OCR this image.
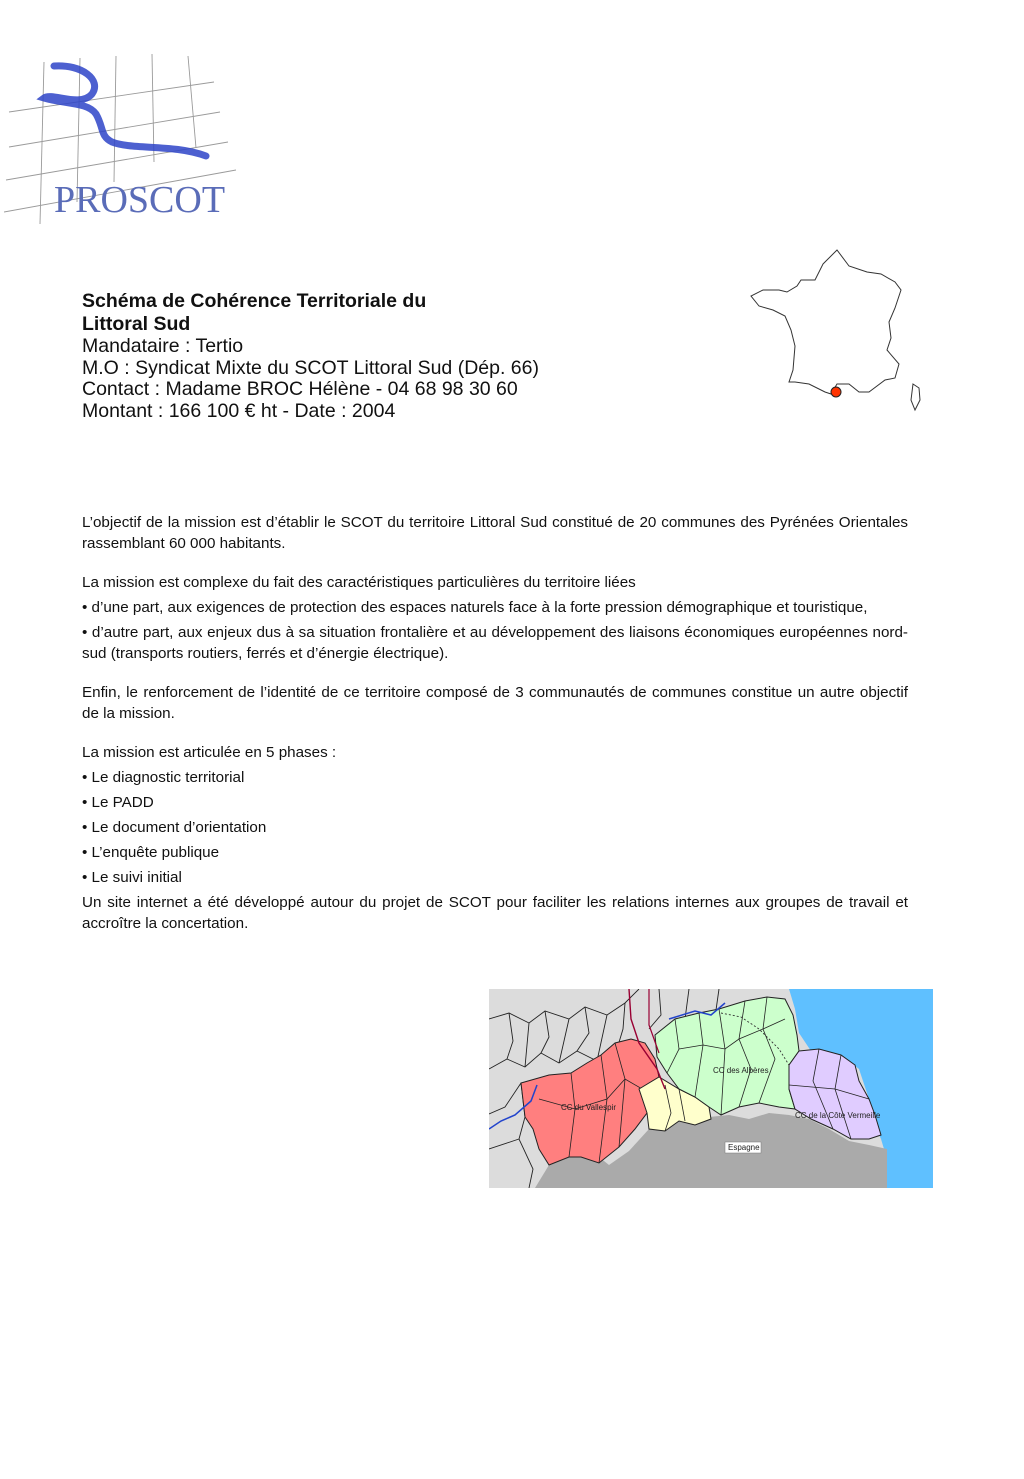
PROSCOT
Schéma de Cohérence Territoriale du
Littoral Sud
Mandataire : Tertio
M.O : Syndicat Mixte du SCOT Littoral Sud (Dép. 66)
Contact : Madame BROC Hélène - 04 68 98 30 60
Montant : 166 100 € ht - Date : 2004

L’objectif de la mission est d’établir le SCOT du territoire Littoral Sud constitué de 20 communes des Pyrénées Orientales rassemblant 60 000 habitants.

La mission est complexe du fait des caractéristiques particulières du territoire liées

• d’une part, aux exigences de protection des espaces naturels face à la forte pression démographique et touristique,

• d’autre part, aux enjeux dus à sa situation frontalière et au développement des liaisons économiques européennes nord-sud (transports routiers, ferrés et d’énergie électrique).

Enfin, le renforcement de l’identité de ce territoire composé de 3 communautés de communes constitue un autre objectif de la mission.

La mission est articulée en 5 phases :

• Le diagnostic territorial

• Le PADD

• Le document d’orientation

• L’enquête publique

• Le suivi initial

Un site internet a été développé autour du projet de SCOT pour faciliter les relations internes aux groupes de travail et accroître la concertation.

CC des Albères
CC du Vallespir
CC de la Côte Vermeille
Espagne
